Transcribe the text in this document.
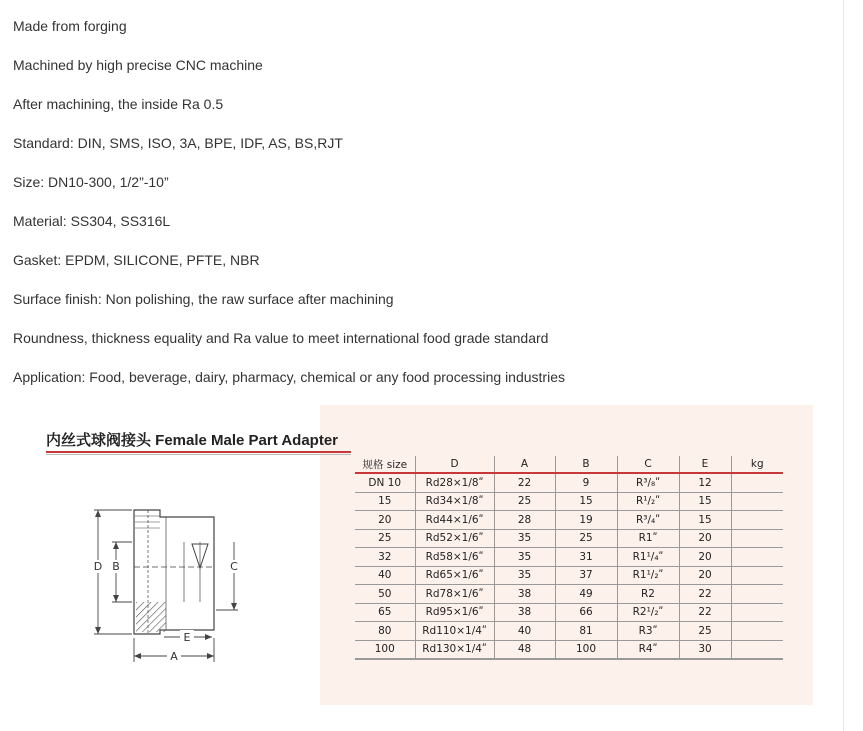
Made from forging
Machined by high precise CNC machine
After machining, the inside Ra 0.5
Standard: DIN, SMS, ISO, 3A, BPE, IDF, AS, BS,RJT
Size: DN10-300, 1/2”-10”
Material: SS304, SS316L
Gasket: EPDM, SILICONE, PFTE, NBR
Surface finish: Non polishing, the raw surface after machining
Roundness, thickness equality and Ra value to meet international food grade standard
Application: Food, beverage, dairy, pharmacy, chemical or any food processing industries
内丝式球阀接头 Female Male Part Adapter
D B	C
E
A
规格 size	D	A	B	C	E	kg
DN 10	Rd28×1/8ʺ	22	9	R³/₈ʺ	12	
15	Rd34×1/8ʺ	25	15	R¹/₂ʺ	15	
20	Rd44×1/6ʺ	28	19	R³/₄ʺ	15	
25	Rd52×1/6ʺ	35	25	R1ʺ	20	
32	Rd58×1/6ʺ	35	31	R1¹/₄ʺ	20	
40	Rd65×1/6ʺ	35	37	R1¹/₂ʺ	20	
50	Rd78×1/6ʺ	38	49	R2	22	
65	Rd95×1/6ʺ	38	66	R2¹/₂ʺ	22	
80	Rd110×1/4ʺ	40	81	R3ʺ	25	
100	Rd130×1/4ʺ	48	100	R4ʺ	30	
